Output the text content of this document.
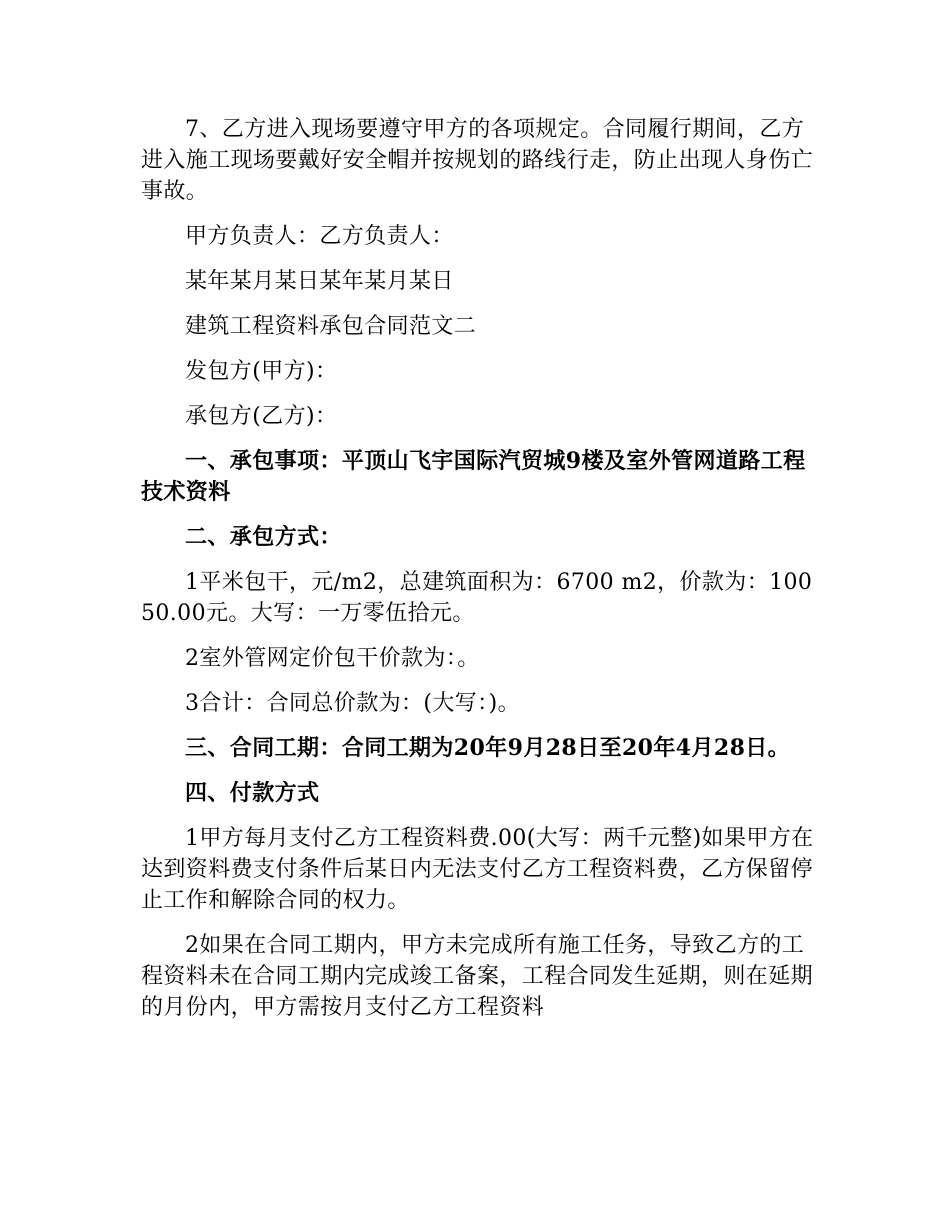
7、乙方进入现场要遵守甲方的各项规定。合同履行期间，乙方进入施工现场要戴好安全帽并按规划的路线行走，防止出现人身伤亡事故。

甲方负责人：乙方负责人：

某年某月某日某年某月某日

建筑工程资料承包合同范文二

发包方(甲方)：

承包方(乙方)：

一、承包事项：平顶山飞宇国际汽贸城9楼及室外管网道路工程技术资料

二、承包方式：

1平米包干，元/m2，总建筑面积为：6700 m2，价款为：10050.00元。大写：一万零伍拾元。

2室外管网定价包干价款为：。

3合计：合同总价款为：(大写：)。

三、合同工期：合同工期为20年9月28日至20年4月28日。

四、付款方式

1甲方每月支付乙方工程资料费.00(大写：两千元整)如果甲方在达到资料费支付条件后某日内无法支付乙方工程资料费，乙方保留停止工作和解除合同的权力。

2如果在合同工期内，甲方未完成所有施工任务，导致乙方的工程资料未在合同工期内完成竣工备案，工程合同发生延期，则在延期的月份内，甲方需按月支付乙方工程资料
